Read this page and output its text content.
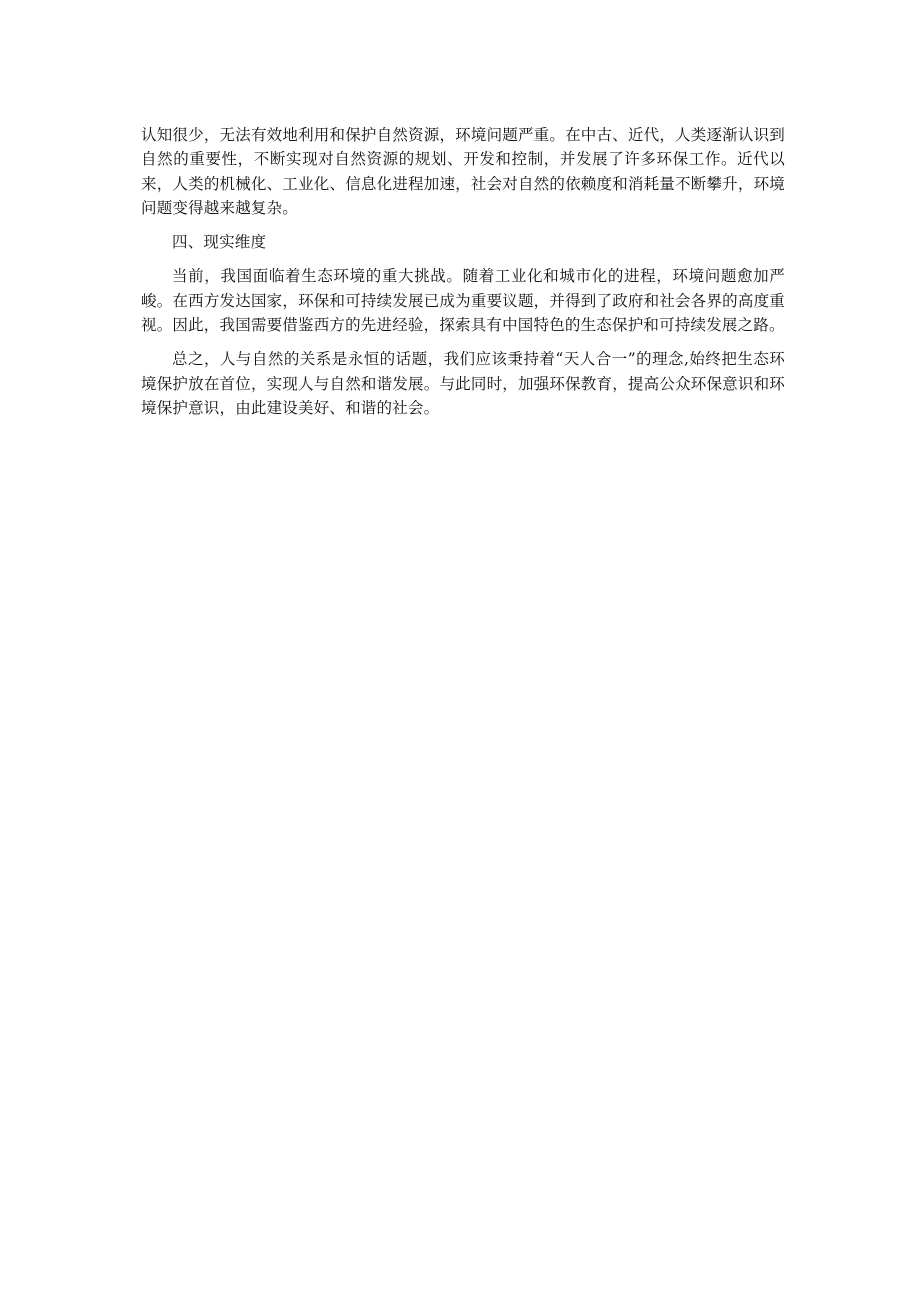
认知很少，无法有效地利用和保护自然资源，环境问题严重。在中古、近代，人类逐渐认识到自然的重要性，不断实现对自然资源的规划、开发和控制，并发展了许多环保工作。近代以来，人类的机械化、工业化、信息化进程加速，社会对自然的依赖度和消耗量不断攀升，环境问题变得越来越复杂。

四、现实维度

当前，我国面临着生态环境的重大挑战。随着工业化和城市化的进程，环境问题愈加严峻。在西方发达国家，环保和可持续发展已成为重要议题，并得到了政府和社会各界的高度重视。因此，我国需要借鉴西方的先进经验，探索具有中国特色的生态保护和可持续发展之路。

总之，人与自然的关系是永恒的话题，我们应该秉持着“天人合一”的理念,始终把生态环境保护放在首位，实现人与自然和谐发展。与此同时，加强环保教育，提高公众环保意识和环境保护意识，由此建设美好、和谐的社会。
